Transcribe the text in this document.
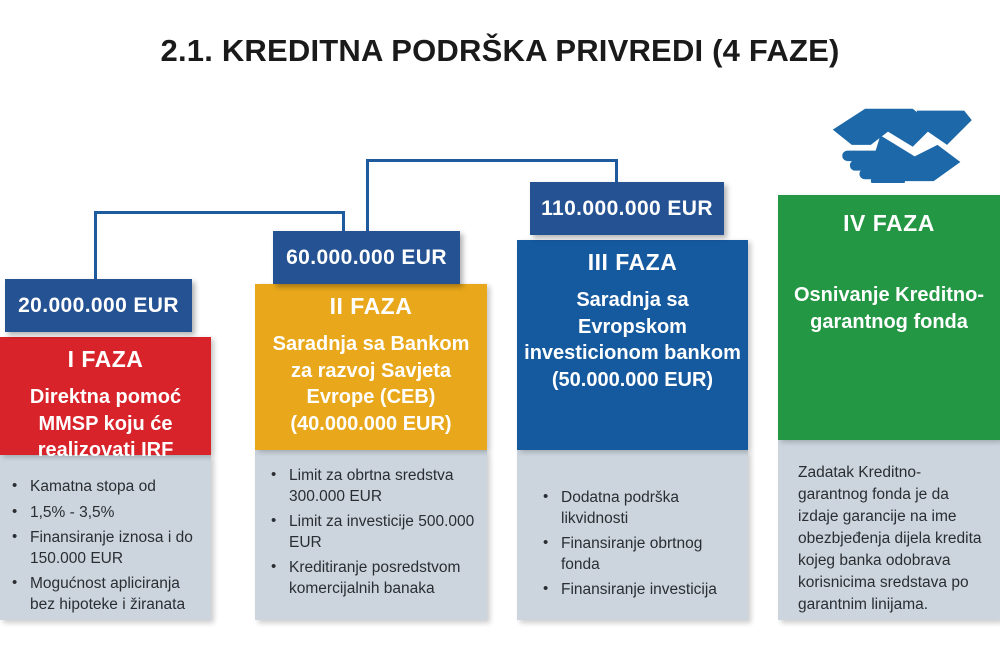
2.1. KREDITNA PODRŠKA PRIVREDI (4 FAZE)
20.000.000 EUR
60.000.000 EUR
110.000.000 EUR
I FAZA
Direktna pomoć MMSP koju će realizovati IRF
• Kamatna stopa od
• 1,5% - 3,5%
• Finansiranje iznosa i do 150.000 EUR
• Mogućnost apliciranja bez hipoteke i žiranata
II FAZA
Saradnja sa Bankom za razvoj Savjeta Evrope (CEB) (40.000.000 EUR)
• Limit za obrtna sredstva 300.000 EUR
• Limit za investicije 500.000 EUR
• Kreditiranje posredstvom komercijalnih banaka
III FAZA
Saradnja sa Evropskom investicionom bankom (50.000.000 EUR)
• Dodatna podrška likvidnosti
• Finansiranje obrtnog fonda
• Finansiranje investicija
IV FAZA
Osnivanje Kreditno-garantnog fonda

Zadatak Kreditno-garantnog fonda je da izdaje garancije na ime obezbjeđenja dijela kredita kojeg banka odobrava korisnicima sredstava po garantnim linijama.
